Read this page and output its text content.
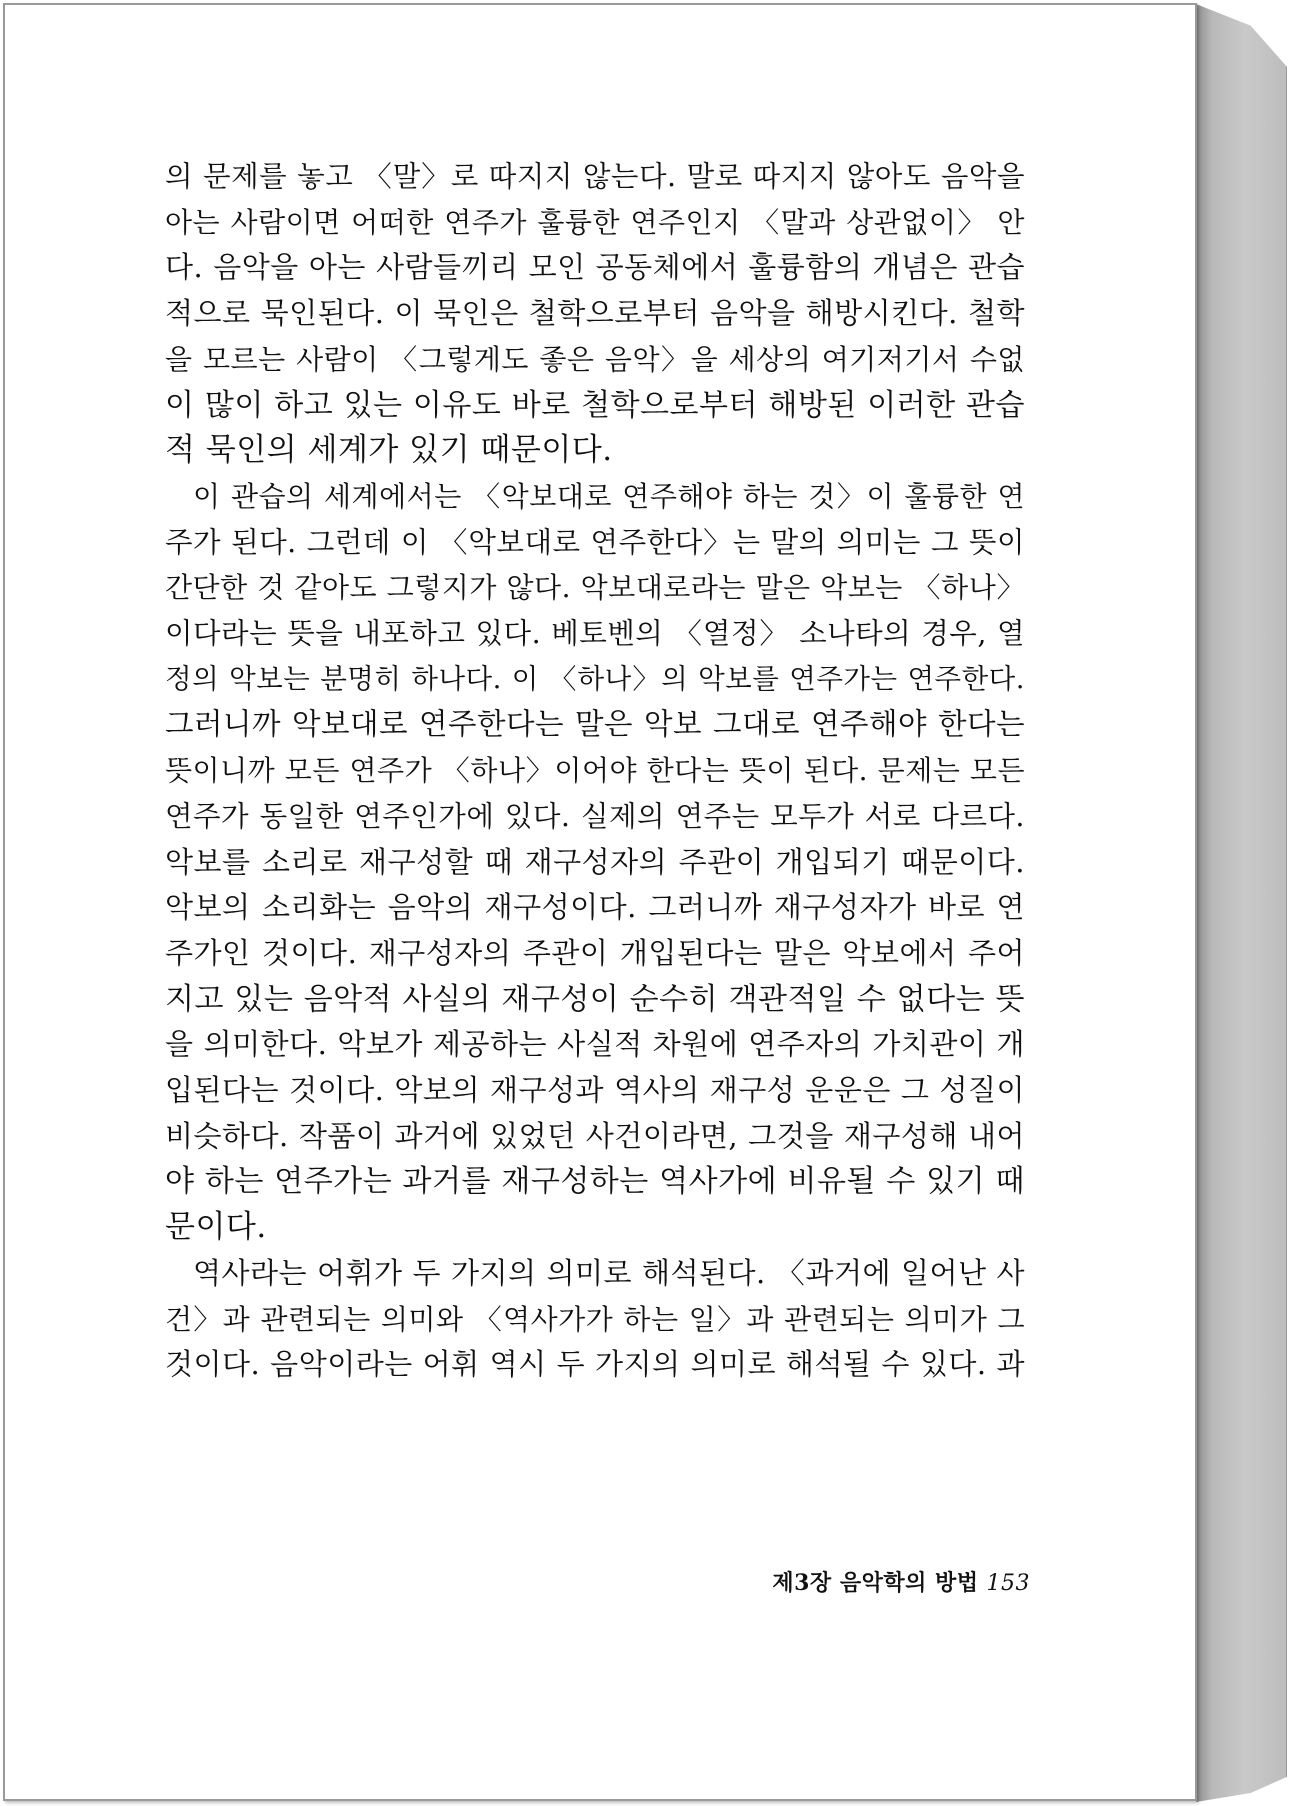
의 문제를 놓고 〈말〉로 따지지 않는다. 말로 따지지 않아도 음악을
아는 사람이면 어떠한 연주가 훌륭한 연주인지 〈말과 상관없이〉 안
다. 음악을 아는 사람들끼리 모인 공동체에서 훌륭함의 개념은 관습
적으로 묵인된다. 이 묵인은 철학으로부터 음악을 해방시킨다. 철학
을 모르는 사람이 〈그렇게도 좋은 음악〉을 세상의 여기저기서 수없
이 많이 하고 있는 이유도 바로 철학으로부터 해방된 이러한 관습
적 묵인의 세계가 있기 때문이다.
이 관습의 세계에서는 〈악보대로 연주해야 하는 것〉이 훌륭한 연
주가 된다. 그런데 이 〈악보대로 연주한다〉는 말의 의미는 그 뜻이
간단한 것 같아도 그렇지가 않다. 악보대로라는 말은 악보는 〈하나〉
이다라는 뜻을 내포하고 있다. 베토벤의 〈열정〉 소나타의 경우, 열
정의 악보는 분명히 하나다. 이 〈하나〉의 악보를 연주가는 연주한다.
그러니까 악보대로 연주한다는 말은 악보 그대로 연주해야 한다는
뜻이니까 모든 연주가 〈하나〉이어야 한다는 뜻이 된다. 문제는 모든
연주가 동일한 연주인가에 있다. 실제의 연주는 모두가 서로 다르다.
악보를 소리로 재구성할 때 재구성자의 주관이 개입되기 때문이다.
악보의 소리화는 음악의 재구성이다. 그러니까 재구성자가 바로 연
주가인 것이다. 재구성자의 주관이 개입된다는 말은 악보에서 주어
지고 있는 음악적 사실의 재구성이 순수히 객관적일 수 없다는 뜻
을 의미한다. 악보가 제공하는 사실적 차원에 연주자의 가치관이 개
입된다는 것이다. 악보의 재구성과 역사의 재구성 운운은 그 성질이
비슷하다. 작품이 과거에 있었던 사건이라면, 그것을 재구성해 내어
야 하는 연주가는 과거를 재구성하는 역사가에 비유될 수 있기 때
문이다.
역사라는 어휘가 두 가지의 의미로 해석된다. 〈과거에 일어난 사
건〉과 관련되는 의미와 〈역사가가 하는 일〉과 관련되는 의미가 그
것이다. 음악이라는 어휘 역시 두 가지의 의미로 해석될 수 있다. 과
제3장 음악학의 방법 153
